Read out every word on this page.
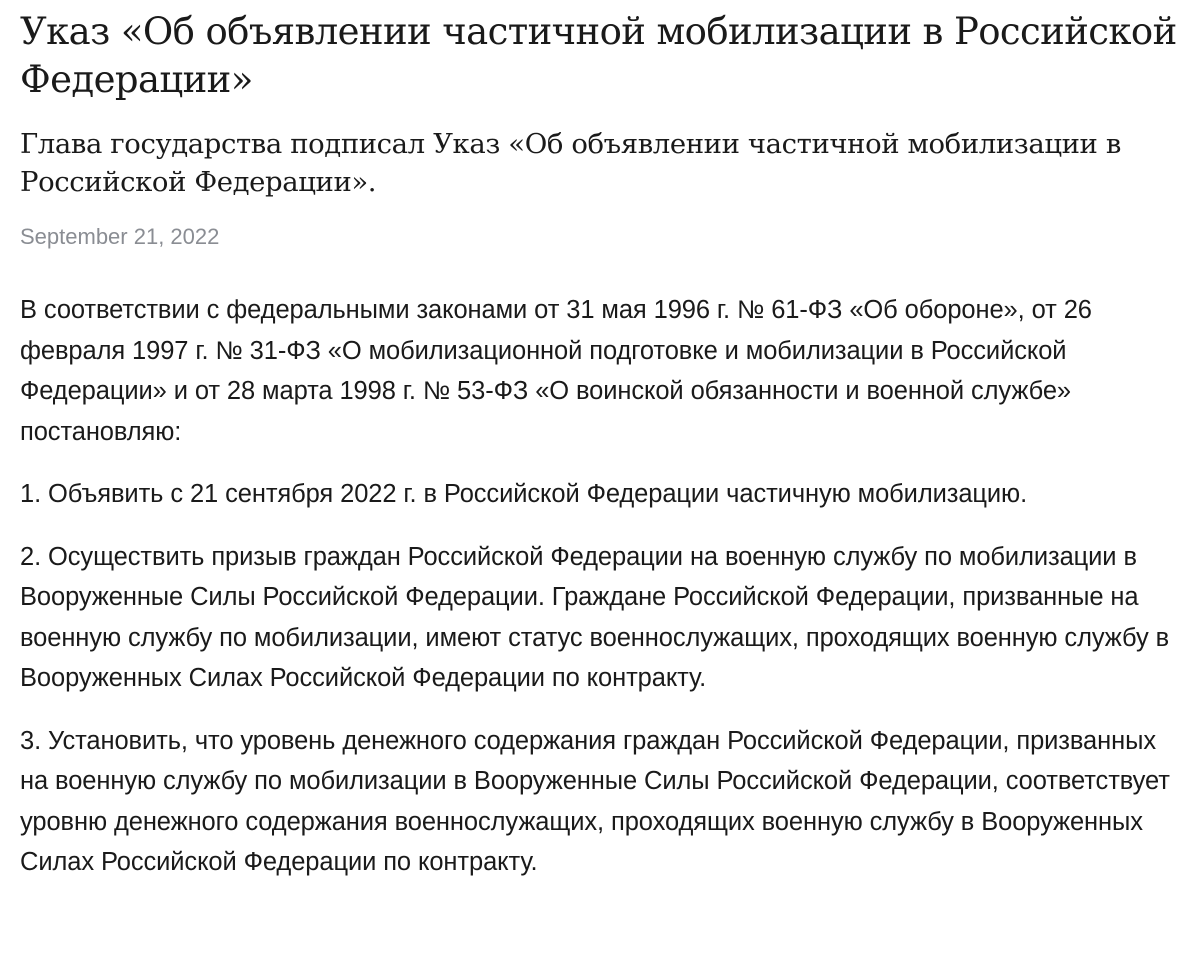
Указ «Об объявлении частичной мобилизации в Российской Федерации»

Глава государства подписал Указ «Об объявлении частичной мобилизации в Российской Федерации».

September 21, 2022

В соответствии с федеральными законами от 31 мая 1996 г. № 61-ФЗ «Об обороне», от 26 февраля 1997 г. № 31-ФЗ «О мобилизационной подготовке и мобилизации в Российской Федерации» и от 28 марта 1998 г. № 53-ФЗ «О воинской обязанности и военной службе» постановляю:

1. Объявить с 21 сентября 2022 г. в Российской Федерации частичную мобилизацию.

2. Осуществить призыв граждан Российской Федерации на военную службу по мобилизации в Вооруженные Силы Российской Федерации. Граждане Российской Федерации, призванные на военную службу по мобилизации, имеют статус военнослужащих, проходящих военную службу в Вооруженных Силах Российской Федерации по контракту.

3. Установить, что уровень денежного содержания граждан Российской Федерации, призванных на военную службу по мобилизации в Вооруженные Силы Российской Федерации, соответствует уровню денежного содержания военнослужащих, проходящих военную службу в Вооруженных Силах Российской Федерации по контракту.
